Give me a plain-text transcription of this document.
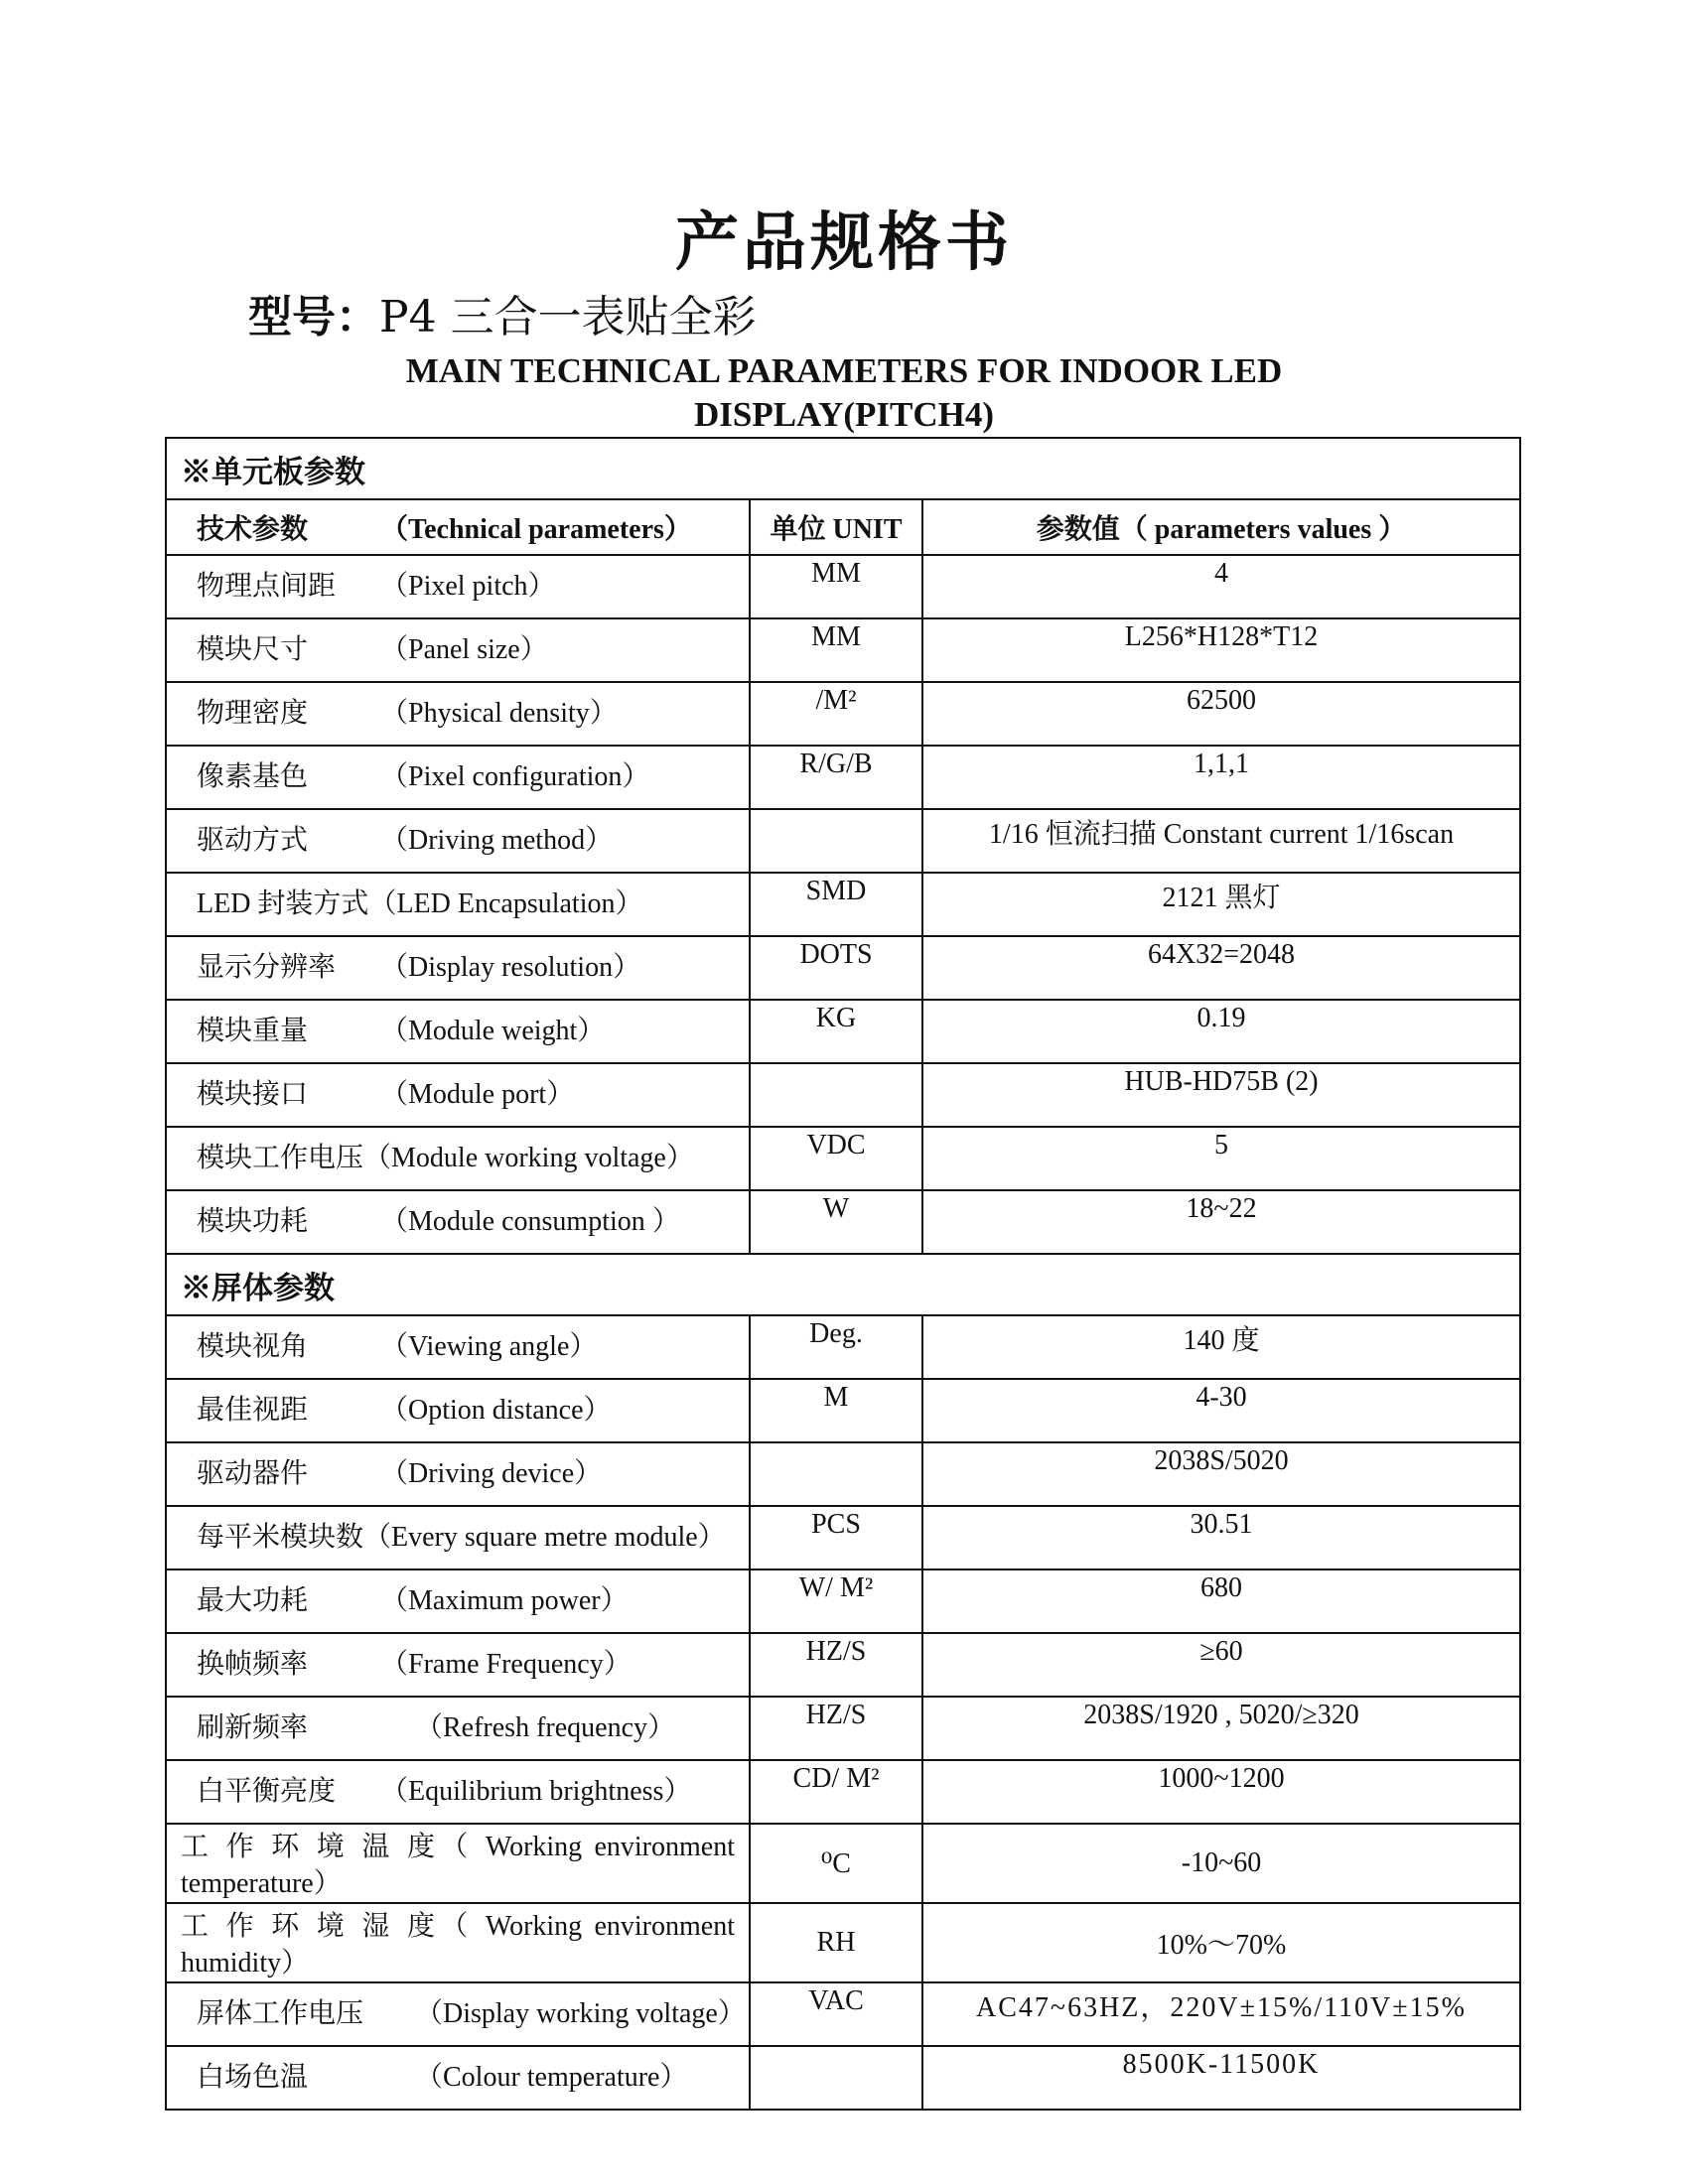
产品规格书
型号：P4 三合一表贴全彩
MAIN TECHNICAL PARAMETERS FOR INDOOR LED
DISPLAY(PITCH4)
※单元板参数		
技术参数 （Technical parameters）	单位 UNIT	参数值（ parameters values ）
物理点间距 （Pixel pitch）	MM	4
模块尺寸 （Panel size）	MM	L256*H128*T12
物理密度 （Physical density）	/M²	62500
像素基色 （Pixel configuration）	R/G/B	1,1,1
驱动方式 （Driving method）		1/16 恒流扫描 Constant current 1/16scan
LED 封装方式（LED Encapsulation）	SMD	2121 黑灯
显示分辨率 （Display resolution）	DOTS	64X32=2048
模块重量 （Module weight）	KG	0.19
模块接口 （Module port）		HUB-HD75B (2)
模块工作电压（Module working voltage）	VDC	5
模块功耗 （Module consumption ）	W	18~22
※屏体参数		
模块视角 （Viewing angle）	Deg.	140 度
最佳视距 （Option distance）	M	4-30
驱动器件 （Driving device）		2038S/5020
每平米模块数（Every square metre module）	PCS	30.51
最大功耗 （Maximum power）	W/ M²	680
换帧频率 （Frame Frequency）	HZ/S	≥60
刷新频率 （Refresh frequency）	HZ/S	2038S/1920 , 5020/≥320
白平衡亮度 （Equilibrium brightness）	CD/ M²	1000~1200
工 作 环 境 温 度（ Working environment temperature）	⁰C	-10~60
工 作 环 境 湿 度（ Working environment humidity）	RH	10%～70%
屏体工作电压 （Display working voltage）	VAC	AC47~63HZ，220V±15%/110V±15%
白场色温 （Colour temperature）		8500K-11500K
